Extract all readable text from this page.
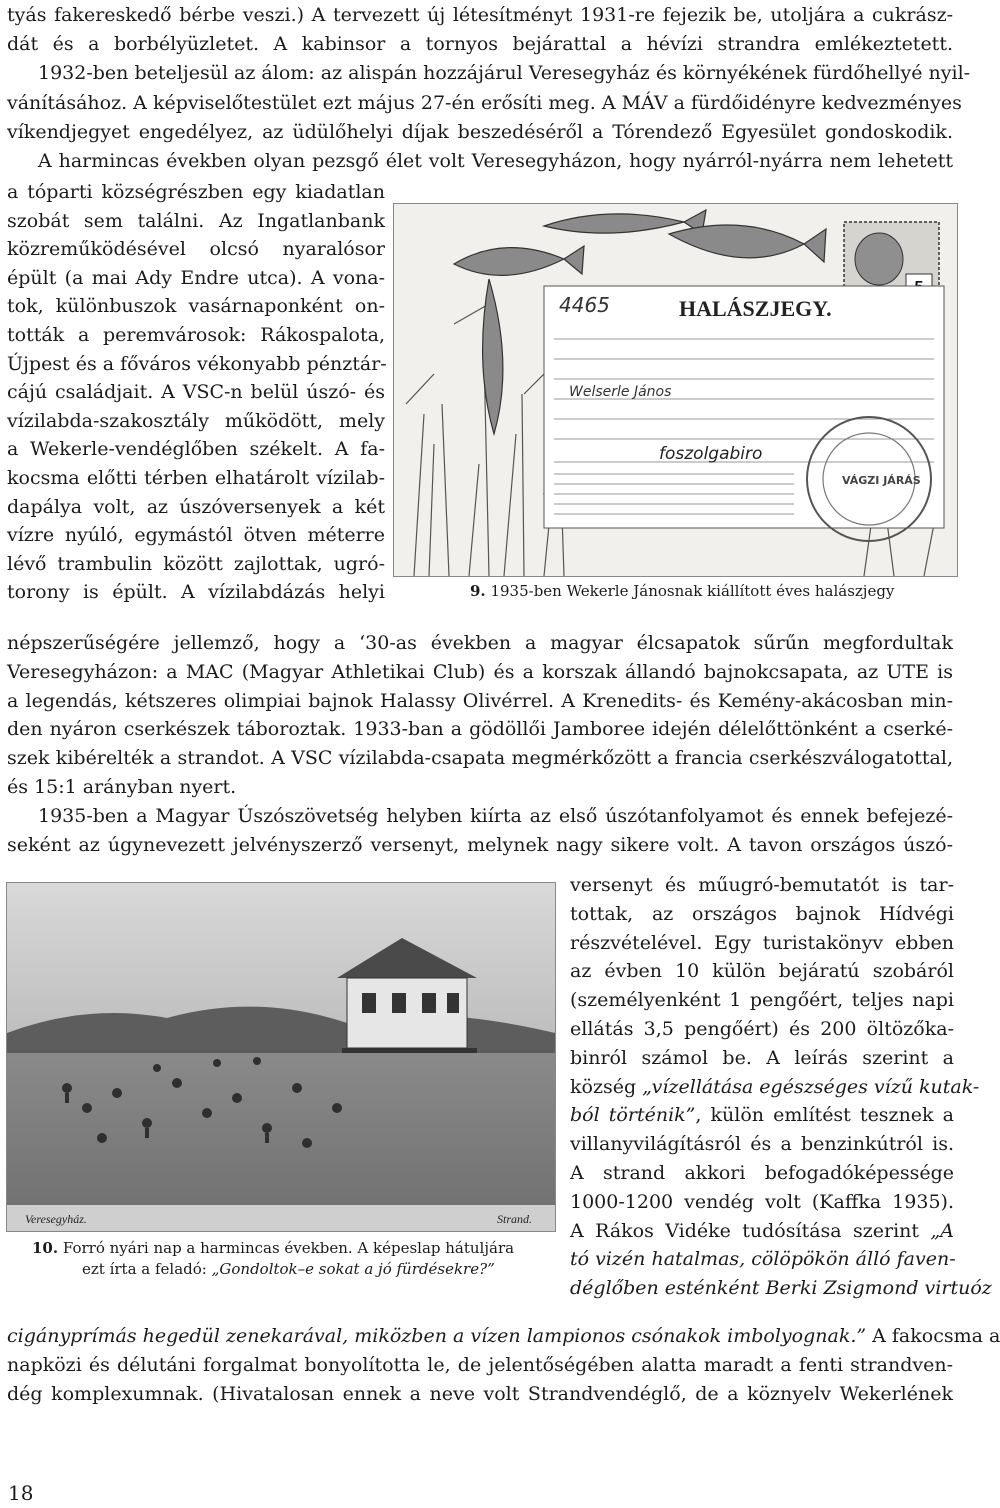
tyás fakereskedő bérbe veszi.) A tervezett új létesítményt 1931-re fejezik be, utoljára a cukrász-
dát és a borbélyüzletet. A kabinsor a tornyos bejárattal a hévízi strandra emlékeztetett.
1932-ben beteljesül az álom: az alispán hozzájárul Veresegyház és környékének fürdőhellyé nyil-
vánításához. A képviselőtestület ezt május 27-én erősíti meg. A MÁV a fürdőidényre kedvezményes
víkendjegyet engedélyez, az üdülőhelyi díjak beszedéséről a Tórendező Egyesület gondoskodik.
A harmincas években olyan pezsgő élet volt Veresegyházon, hogy nyárról-nyárra nem lehetett
a tóparti községrészben egy kiadatlan
szobát sem találni. Az Ingatlanbank
közreműködésével olcsó nyaralósor
épült (a mai Ady Endre utca). A vona-
tok, különbuszok vasárnaponként on-
tották a peremvárosok: Rákospalota,
Újpest és a főváros vékonyabb pénztár-
cájú családjait. A VSC-n belül úszó- és
vízilabda-szakosztály működött, mely
a Wekerle-vendéglőben székelt. A fa-
kocsma előtti térben elhatárolt vízilab-
dapálya volt, az úszóversenyek a két
vízre nyúló, egymástól ötven méterre
lévő trambulin között zajlottak, ugró-
torony is épült. A vízilabdázás helyi
HALÁSZJEGY.
4465
Welserle János
foszolgabiro
VÁGZI JÁRÁS
9. 1935-ben Wekerle Jánosnak kiállított éves halászjegy
népszerűségére jellemző, hogy a ‘30-as években a magyar élcsapatok sűrűn megfordultak
Veresegyházon: a MAC (Magyar Athletikai Club) és a korszak állandó bajnokcsapata, az UTE is
a legendás, kétszeres olimpiai bajnok Halassy Olivérrel. A Krenedits- és Kemény-akácosban min-
den nyáron cserkészek táboroztak. 1933-ban a gödöllői Jamboree idején délelőttönként a cserké-
szek kibérelték a strandot. A VSC vízilabda-csapata megmérkőzött a francia cserkészválogatottal,
és 15:1 arányban nyert.
1935-ben a Magyar Úszószövetség helyben kiírta az első úszótanfolyamot és ennek befejezé-
seként az úgynevezett jelvényszerző versenyt, melynek nagy sikere volt. A tavon országos úszó-
Veresegyház.	Strand.
10. Forró nyári nap a harmincas években. A képeslap hátuljára
ezt írta a feladó: „Gondoltok–e sokat a jó fürdésekre?”
versenyt és műugró-bemutatót is tar-
tottak, az országos bajnok Hídvégi
részvételével. Egy turistakönyv ebben
az évben 10 külön bejáratú szobáról
(személyenként 1 pengőért, teljes napi
ellátás 3,5 pengőért) és 200 öltözőka-
binról számol be. A leírás szerint a
község „vízellátása egészséges vízű kutak-
ból történik”, külön említést tesznek a
villanyvilágításról és a benzinkútról is.
A strand akkori befogadóképessége
1000-1200 vendég volt (Kaffka 1935).
A Rákos Vidéke tudósítása szerint „A
tó vizén hatalmas, cölöpökön álló faven-
déglőben esténként Berki Zsigmond virtuóz
cigányprímás hegedül zenekarával, miközben a vízen lampionos csónakok imbolyognak.” A fakocsma a
napközi és délutáni forgalmat bonyolította le, de jelentőségében alatta maradt a fenti strandven-
dég komplexumnak. (Hivatalosan ennek a neve volt Strandvendéglő, de a köznyelv Wekerlének
18
